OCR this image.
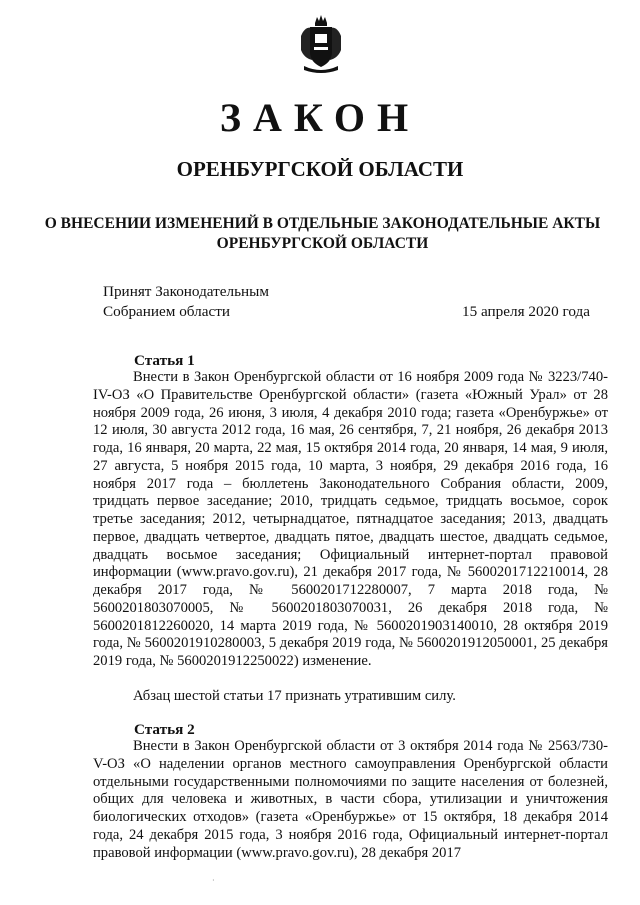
ЗАКОН
ОРЕНБУРГСКОЙ ОБЛАСТИ
О ВНЕСЕНИИ ИЗМЕНЕНИЙ В ОТДЕЛЬНЫЕ ЗАКОНОДАТЕЛЬНЫЕ АКТЫ ОРЕНБУРГСКОЙ ОБЛАСТИ
Принят Законодательным
Собранием области	15 апреля 2020 года
Статья 1
Внести в Закон Оренбургской области от 16 ноября 2009 года № 3223/740-IV-ОЗ «О Правительстве Оренбургской области» (газета «Южный Урал» от 28 ноября 2009 года, 26 июня, 3 июля, 4 декабря 2010 года; газета «Оренбуржье» от 12 июля, 30 августа 2012 года, 16 мая, 26 сентября, 7, 21 ноября, 26 декабря 2013 года, 16 января, 20 марта, 22 мая, 15 октября 2014 года, 20 января, 14 мая, 9 июля, 27 августа, 5 ноября 2015 года, 10 марта, 3 ноября, 29 декабря 2016 года, 16 ноября 2017 года – бюллетень Законодательного Собрания области, 2009, тридцать первое заседание; 2010, тридцать седьмое, тридцать восьмое, сорок третье заседания; 2012, четырнадцатое, пятнадцатое заседания; 2013, двадцать первое, двадцать четвертое, двадцать пятое, двадцать шестое, двадцать седьмое, двадцать восьмое заседания; Официальный интернет-портал правовой информации (www.pravo.gov.ru), 21 декабря 2017 года, № 5600201712210014, 28 декабря 2017 года, № 5600201712280007, 7 марта 2018 года, № 5600201803070005, № 5600201803070031, 26 декабря 2018 года, № 5600201812260020, 14 марта 2019 года, № 5600201903140010, 28 октября 2019 года, № 5600201910280003, 5 декабря 2019 года, № 5600201912050001, 25 декабря 2019 года, № 5600201912250022) изменение.
Абзац шестой статьи 17 признать утратившим силу.
Статья 2
Внести в Закон Оренбургской области от 3 октября 2014 года № 2563/730-V-ОЗ «О наделении органов местного самоуправления Оренбургской области отдельными государственными полномочиями по защите населения от болезней, общих для человека и животных, в части сбора, утилизации и уничтожения биологических отходов» (газета «Оренбуржье» от 15 октября, 18 декабря 2014 года, 24 декабря 2015 года, 3 ноября 2016 года, Официальный интернет-портал правовой информации (www.pravo.gov.ru), 28 декабря 2017
·
